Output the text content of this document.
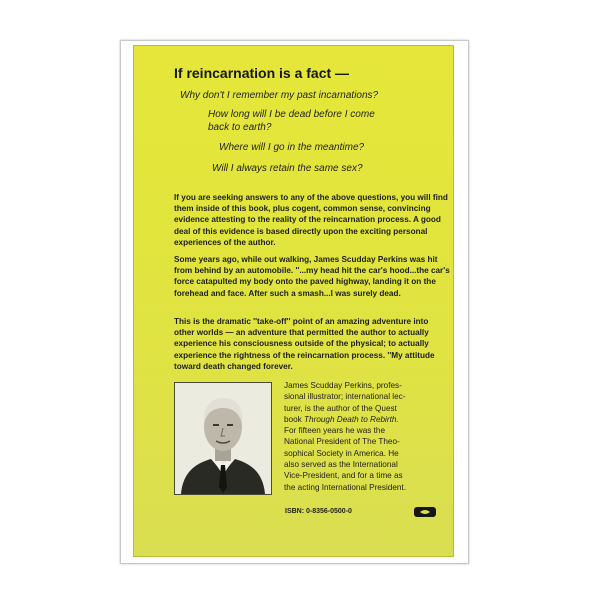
If reincarnation is a fact —
Why don't I remember my past incarnations?
How long will I be dead before I come
back to earth?
Where will I go in the meantime?
Will I always retain the same sex?
If you are seeking answers to any of the above questions, you will find them inside of this book, plus cogent, common sense, convincing evidence attesting to the reality of the reincarnation process. A good deal of this evidence is based directly upon the exciting personal experiences of the author.
Some years ago, while out walking, James Scudday Perkins was hit from behind by an automobile. ''...my head hit the car's hood...the car's force catapulted my body onto the paved highway, landing it on the forehead and face. After such a smash...I was surely dead.
This is the dramatic ''take-off'' point of an amazing adventure into other worlds — an adventure that permitted the author to actually experience his consciousness outside of the physical; to actually experience the rightness of the reincarnation process. ''My attitude toward death changed forever.
James Scudday Perkins, profes-
sional illustrator; international lec-
turer, is the author of the Quest
book Through Death to Rebirth.
For fifteen years he was the
National President of The Theo-
sophical Society in America. He
also served as the International
Vice-President, and for a time as
the acting International President.
ISBN: 0-8356-0500-0
